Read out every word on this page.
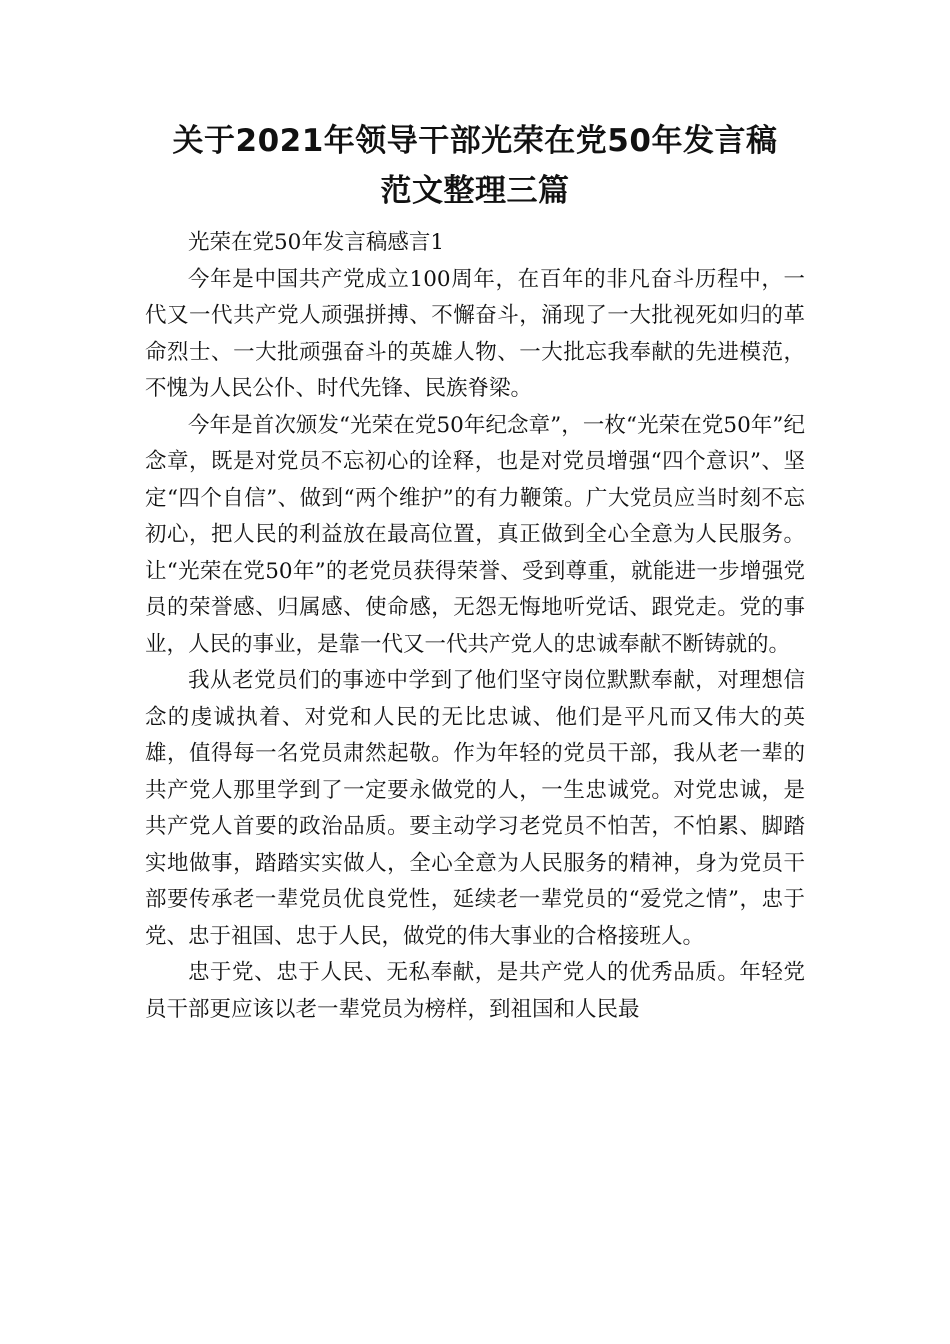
关于2021年领导干部光荣在党50年发言稿
范文整理三篇

光荣在党50年发言稿感言1

今年是中国共产党成立100周年，在百年的非凡奋斗历程中，一代又一代共产党人顽强拼搏、不懈奋斗，涌现了一大批视死如归的革命烈士、一大批顽强奋斗的英雄人物、一大批忘我奉献的先进模范，不愧为人民公仆、时代先锋、民族脊梁。

今年是首次颁发“光荣在党50年纪念章”，一枚“光荣在党50年”纪念章，既是对党员不忘初心的诠释，也是对党员增强“四个意识”、坚定“四个自信”、做到“两个维护”的有力鞭策。广大党员应当时刻不忘初心，把人民的利益放在最高位置，真正做到全心全意为人民服务。让“光荣在党50年”的老党员获得荣誉、受到尊重，就能进一步增强党员的荣誉感、归属感、使命感，无怨无悔地听党话、跟党走。党的事业，人民的事业，是靠一代又一代共产党人的忠诚奉献不断铸就的。

我从老党员们的事迹中学到了他们坚守岗位默默奉献，对理想信念的虔诚执着、对党和人民的无比忠诚、他们是平凡而又伟大的英雄，值得每一名党员肃然起敬。作为年轻的党员干部，我从老一辈的共产党人那里学到了一定要永做党的人，一生忠诚党。对党忠诚，是共产党人首要的政治品质。要主动学习老党员不怕苦，不怕累、脚踏实地做事，踏踏实实做人，全心全意为人民服务的精神，身为党员干部要传承老一辈党员优良党性，延续老一辈党员的“爱党之情”，忠于党、忠于祖国、忠于人民，做党的伟大事业的合格接班人。

忠于党、忠于人民、无私奉献，是共产党人的优秀品质。年轻党员干部更应该以老一辈党员为榜样，到祖国和人民最
